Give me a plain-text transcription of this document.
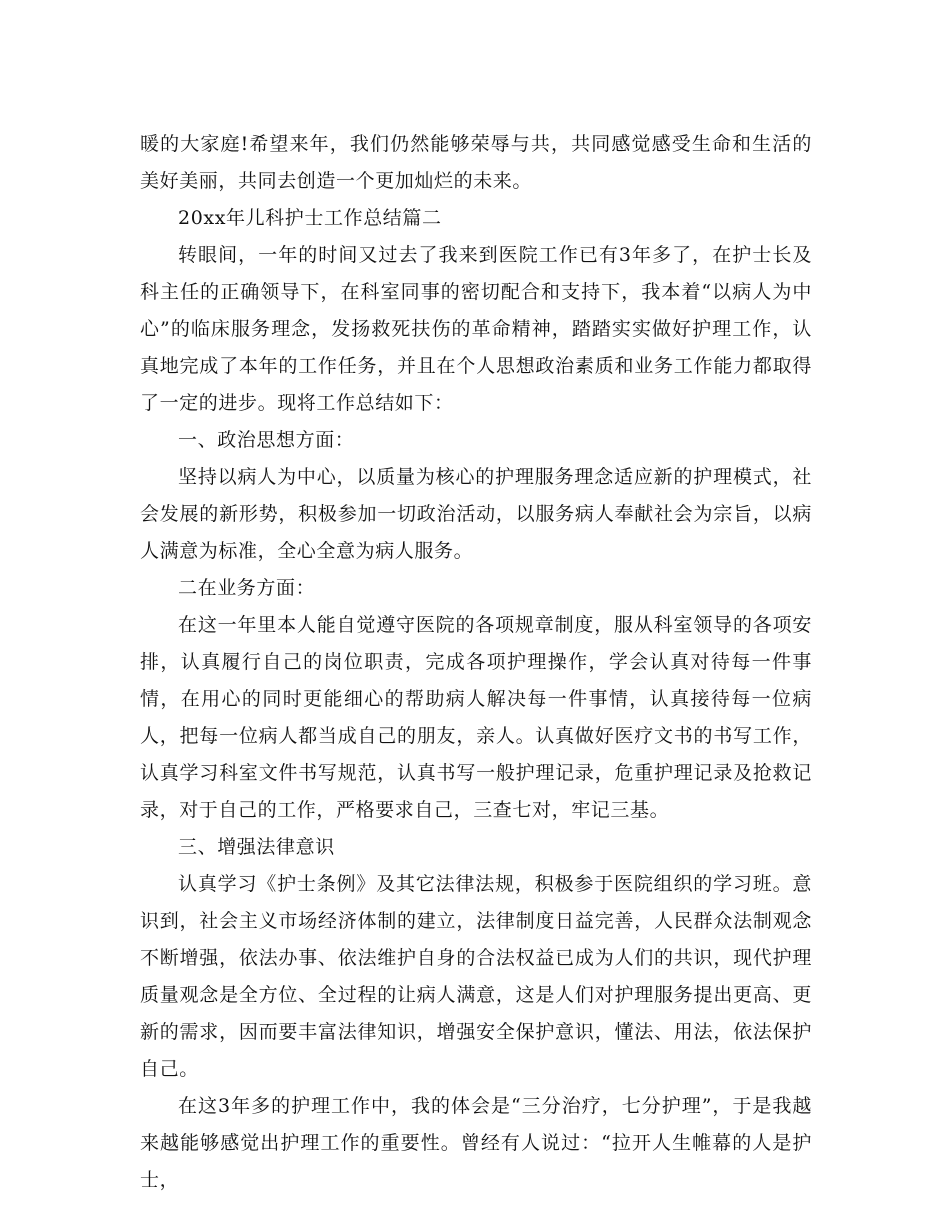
暖的大家庭!希望来年，我们仍然能够荣辱与共，共同感觉感受生命和生活的美好美丽，共同去创造一个更加灿烂的未来。

20xx年儿科护士工作总结篇二

转眼间，一年的时间又过去了我来到医院工作已有3年多了，在护士长及科主任的正确领导下，在科室同事的密切配合和支持下，我本着“以病人为中心”的临床服务理念，发扬救死扶伤的革命精神，踏踏实实做好护理工作，认真地完成了本年的工作任务，并且在个人思想政治素质和业务工作能力都取得了一定的进步。现将工作总结如下：

一、政治思想方面：

坚持以病人为中心，以质量为核心的护理服务理念适应新的护理模式，社会发展的新形势，积极参加一切政治活动，以服务病人奉献社会为宗旨，以病人满意为标准，全心全意为病人服务。

二在业务方面：

在这一年里本人能自觉遵守医院的各项规章制度，服从科室领导的各项安排，认真履行自己的岗位职责，完成各项护理操作，学会认真对待每一件事情，在用心的同时更能细心的帮助病人解决每一件事情，认真接待每一位病人，把每一位病人都当成自己的朋友，亲人。认真做好医疗文书的书写工作，认真学习科室文件书写规范，认真书写一般护理记录，危重护理记录及抢救记录，对于自己的工作，严格要求自己，三查七对，牢记三基。

三、增强法律意识

认真学习《护士条例》及其它法律法规，积极参于医院组织的学习班。意识到，社会主义市场经济体制的建立，法律制度日益完善，人民群众法制观念不断增强，依法办事、依法维护自身的合法权益已成为人们的共识，现代护理质量观念是全方位、全过程的让病人满意，这是人们对护理服务提出更高、更新的需求，因而要丰富法律知识，增强安全保护意识，懂法、用法，依法保护自己。

在这3年多的护理工作中，我的体会是“三分治疗，七分护理”，于是我越来越能够感觉出护理工作的重要性。曾经有人说过：“拉开人生帷幕的人是护士，
